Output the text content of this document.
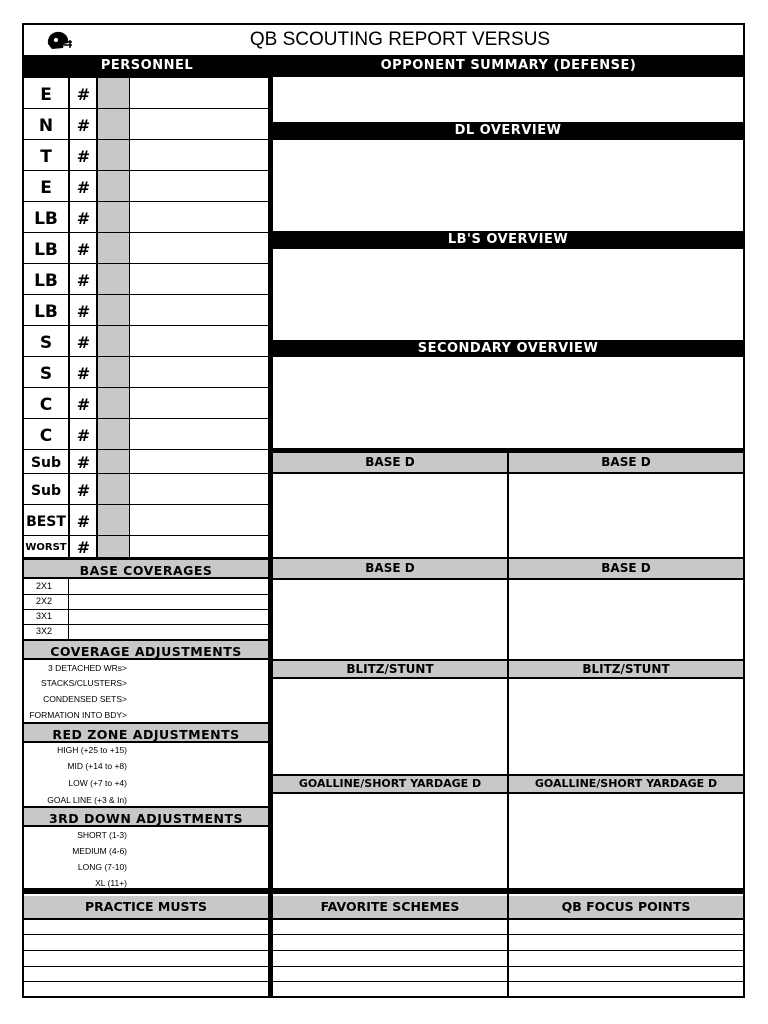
QB SCOUTING REPORT VERSUS
PERSONNEL	OPPONENT SUMMARY (DEFENSE)
E	#
N	#
T	#
E	#
LB	#
LB	#
LB	#
LB	#
S	#
S	#
C	#
C	#
Sub #
Sub #
BEST #
WORST #
DL OVERVIEW
LB'S OVERVIEW
SECONDARY OVERVIEW
BASE D	BASE D
BASE D	BASE D
BLITZ/STUNT	BLITZ/STUNT
GOALLINE/SHORT YARDAGE D	GOALLINE/SHORT YARDAGE D
BASE COVERAGES
2X1
2X2
3X1
3X2
COVERAGE ADJUSTMENTS
3 DETACHED WRs>
STACKS/CLUSTERS>
CONDENSED SETS>
FORMATION INTO BDY>
RED ZONE ADJUSTMENTS
HIGH (+25 to +15)
MID (+14 to +8)
LOW (+7 to +4)
GOAL LINE (+3 & In)
3RD DOWN ADJUSTMENTS
SHORT (1-3)
MEDIUM (4-6)
LONG (7-10)
XL (11+)
PRACTICE MUSTS	FAVORITE SCHEMES	QB FOCUS POINTS
